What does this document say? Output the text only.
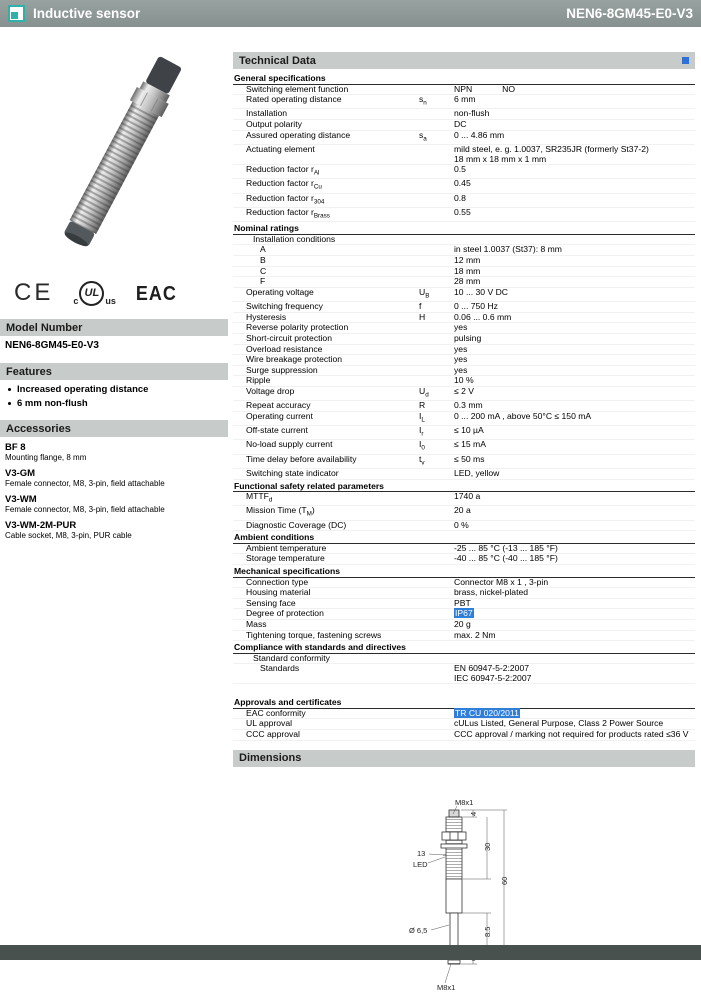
Inductive sensor	NEN6-8GM45-E0-V3
CE c
UL
us EAC
Model Number
NEN6-8GM45-E0-V3
Features
Increased operating distance
6 mm non-flush
Accessories
BF 8
Mounting flange, 8 mm
V3-GM
Female connector, M8, 3-pin, field attachable
V3-WM
Female connector, M8, 3-pin, field attachable
V3-WM-2M-PUR
Cable socket, M8, 3-pin, PUR cable
Technical Data
General specifications
Switching element function	NPN	NO
Rated operating distance	$s_n$	6 mm
Installation	non-flush
Output polarity	DC
Assured operating distance	$s_a$	0 ... 4.86 mm
Actuating element	mild steel, e. g. 1.0037, SR235JR (formerly St37-2)
18 mm x 18 mm x 1 mm
Reduction factor $r_{Al}$	0.5
Reduction factor $r_{Cu}$	0.45
Reduction factor $r_{304}$	0.8
Reduction factor $r_{Brass}$	0.55
Nominal ratings
Installation conditions
A	in steel 1.0037 (St37): 8 mm
B	12 mm
C	18 mm
F	28 mm
Operating voltage	$U_B$	10 ... 30 V DC
Switching frequency	f	0 ... 750 Hz
Hysteresis	H	0.06 ... 0.6 mm
Reverse polarity protection	yes
Short-circuit protection	pulsing
Overload resistance	yes
Wire breakage protection	yes
Surge suppression	yes
Ripple	10 %
Voltage drop	$U_d$	≤ 2 V
Repeat accuracy	R	0.3 mm
Operating current	$I_L$	0 ... 200 mA , above 50°C ≤ 150 mA
Off-state current	$I_r$	≤ 10 µA
No-load supply current	$I_0$	≤ 15 mA
Time delay before availability	$t_v$	≤ 50 ms
Switching state indicator	LED, yellow
Functional safety related parameters
$MTTF_d$	1740 a
Mission Time $(T_M)$	20 a
Diagnostic Coverage (DC)	0 %
Ambient conditions
Ambient temperature	-25 ... 85 °C (-13 ... 185 °F)
Storage temperature	-40 ... 85 °C (-40 ... 185 °F)
Mechanical specifications
Connection type	Connector M8 x 1 , 3-pin
Housing material	brass, nickel-plated
Sensing face	PBT
Degree of protection	IP67
Mass	20 g
Tightening torque, fastening screws	max. 2 Nm
Compliance with standards and directives
Standard conformity
Standards	EN 60947-5-2:2007
IEC 60947-5-2:2007
Approvals and certificates
EAC conformity	TR CU 020/2011
UL approval	cULus Listed, General Purpose, Class 2 Power Source
CCC approval	CCC approval / marking not required for products rated ≤36 V
Dimensions
M8x1
4
30
60
13
LED
8.5
Ø 6,5
M8x1
